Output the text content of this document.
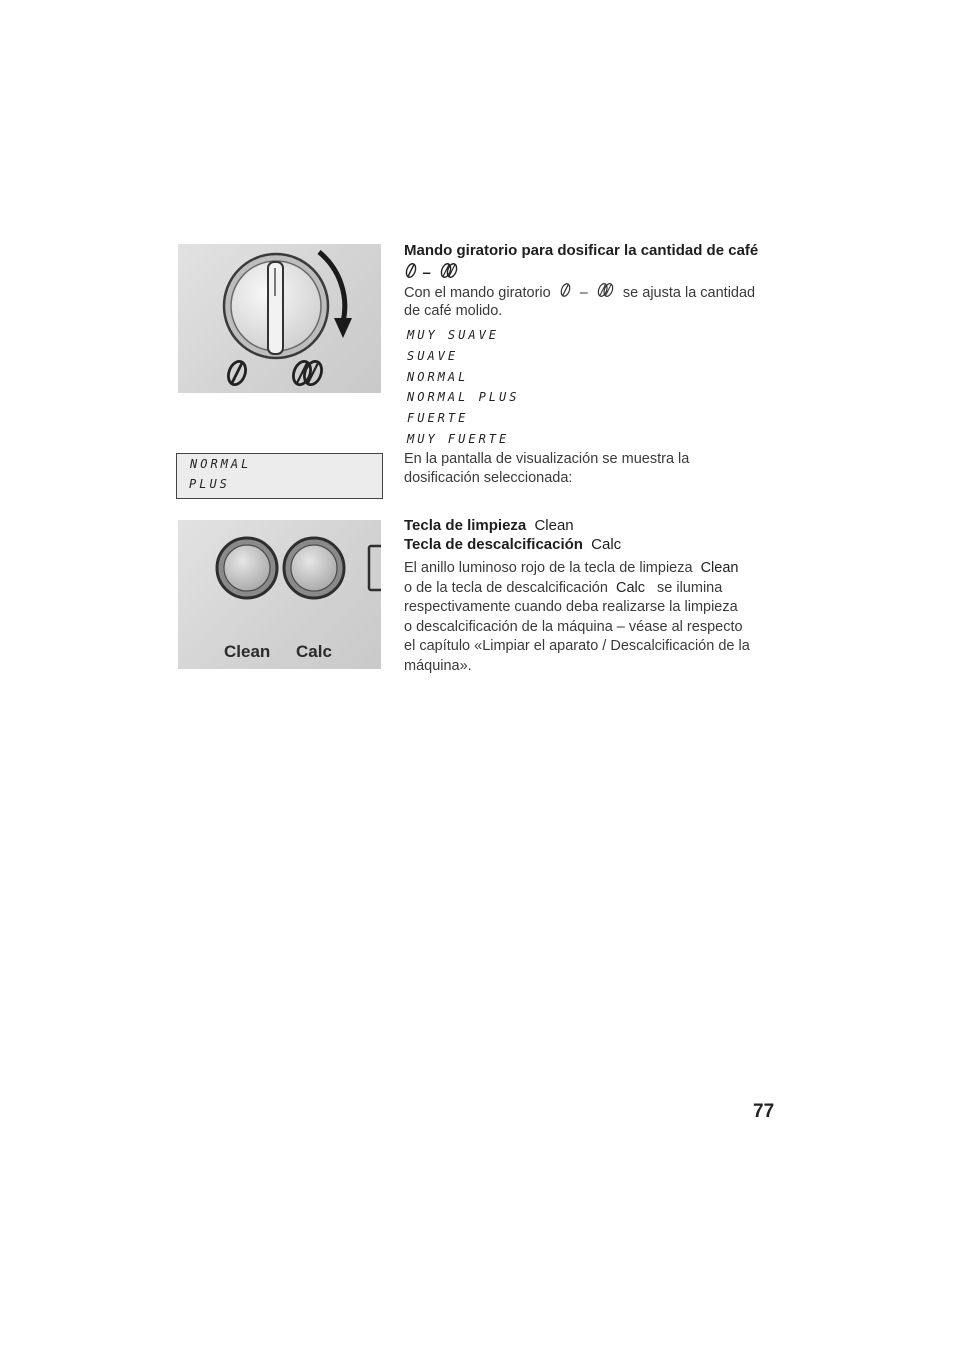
Mando giratorio para dosificar la cantidad de café
–
Con el mando giratorio – se ajusta la cantidad
de café molido.
MUY SUAVE
SUAVE
NORMAL
NORMAL PLUS
FUERTE
MUY FUERTE
NORMAL
PLUS
En la pantalla de visualización se muestra la
dosificación seleccionada:
Clean Calc
Tecla de limpieza Clean
Tecla de descalcificación Calc
El anillo luminoso rojo de la tecla de limpieza Clean
o de la tecla de descalcificación Calc se ilumina
respectivamente cuando deba realizarse la limpieza
o descalcificación de la máquina – véase al respecto
el capítulo «Limpiar el aparato / Descalcificación de la
máquina».
77
